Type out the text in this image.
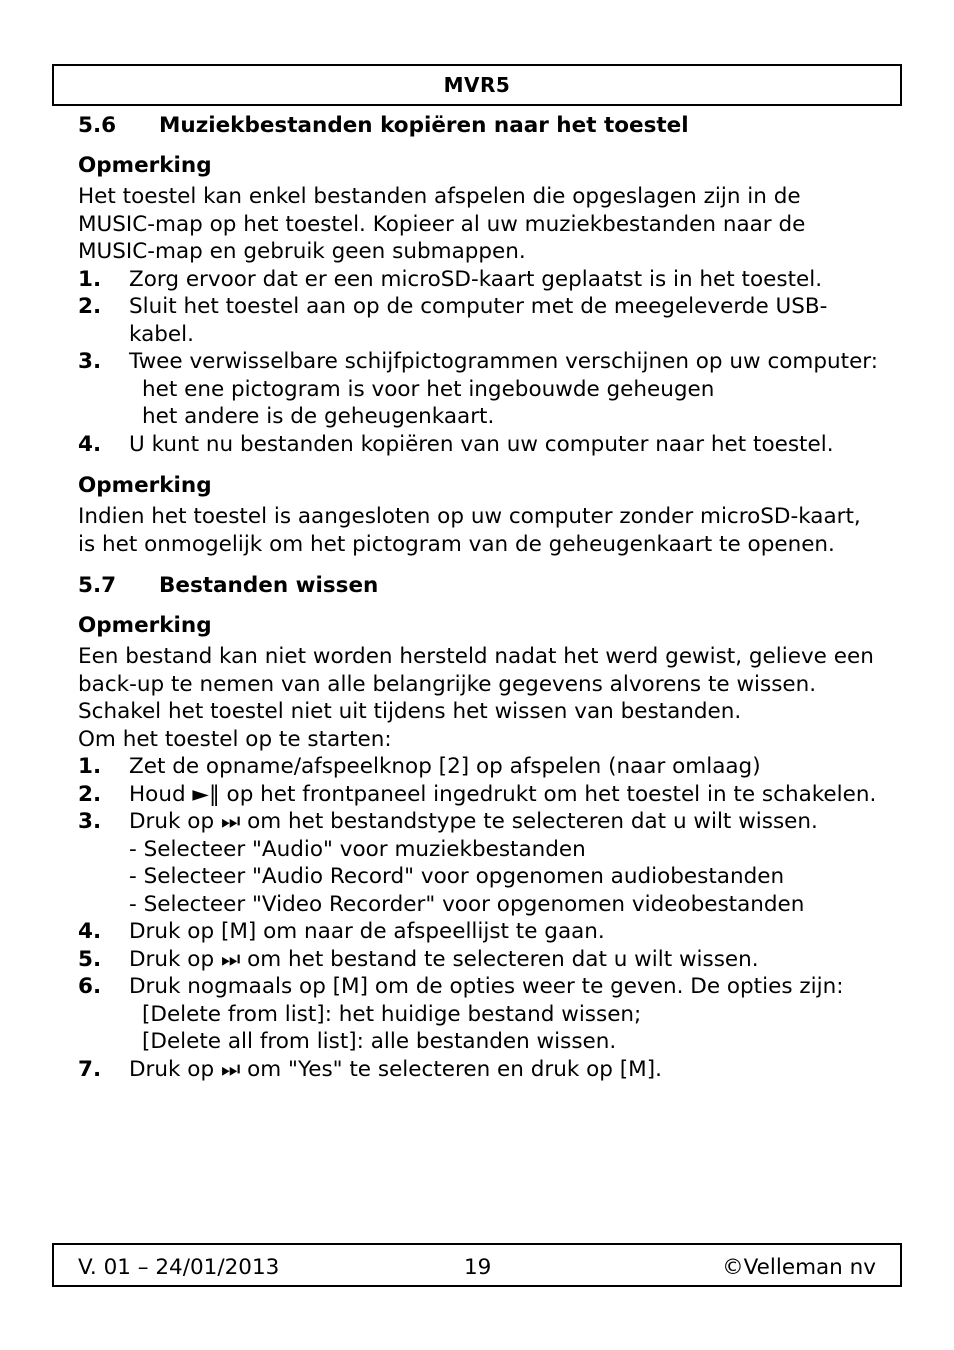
MVR5
5.6	Muziekbestanden kopiëren naar het toestel
Opmerking

Het toestel kan enkel bestanden afspelen die opgeslagen zijn in de MUSIC-map op het toestel. Kopieer al uw muziekbestanden naar de MUSIC-map en gebruik geen submappen.

1.	Zorg ervoor dat er een microSD-kaart geplaatst is in het toestel.
2.	Sluit het toestel aan op de computer met de meegeleverde USB-kabel.
3.	Twee verwisselbare schijfpictogrammen verschijnen op uw computer:
het ene pictogram is voor het ingebouwde geheugen
het andere is de geheugenkaart.
4.	U kunt nu bestanden kopiëren van uw computer naar het toestel.
Opmerking

Indien het toestel is aangesloten op uw computer zonder microSD-kaart, is het onmogelijk om het pictogram van de geheugenkaart te openen.

5.7	Bestanden wissen
Opmerking

Een bestand kan niet worden hersteld nadat het werd gewist, gelieve een back-up te nemen van alle belangrijke gegevens alvorens te wissen. Schakel het toestel niet uit tijdens het wissen van bestanden.

Om het toestel op te starten:

1.	Zet de opname/afspeelknop [2] op afspelen (naar omlaag)
2.	Houd ►‖ op het frontpaneel ingedrukt om het toestel in te schakelen.
3.	Druk op ⏭ om het bestandstype te selecteren dat u wilt wissen.
- Selecteer "Audio" voor muziekbestanden
- Selecteer "Audio Record" voor opgenomen audiobestanden
- Selecteer "Video Recorder" voor opgenomen videobestanden
4.	Druk op [M] om naar de afspeellijst te gaan.
5.	Druk op ⏭ om het bestand te selecteren dat u wilt wissen.
6.	Druk nogmaals op [M] om de opties weer te geven. De opties zijn:
[Delete from list]: het huidige bestand wissen;
[Delete all from list]: alle bestanden wissen.
7.	Druk op ⏭ om "Yes" te selecteren en druk op [M].
V. 01 – 24/01/2013	19	©Velleman nv
